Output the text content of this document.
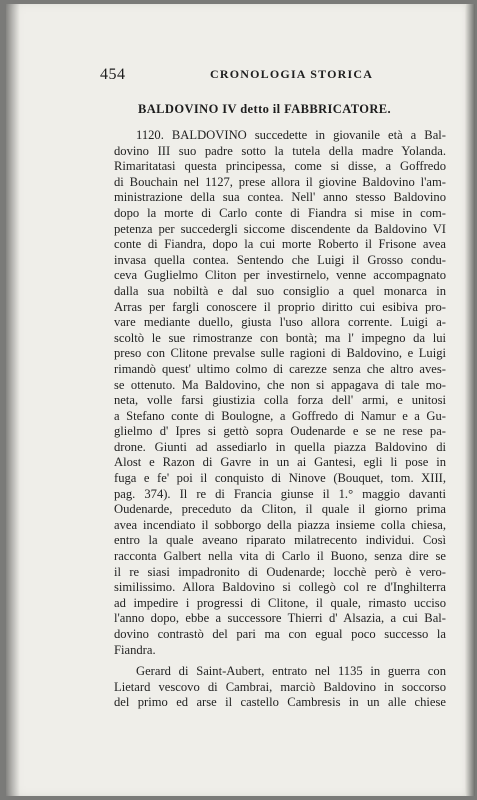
454	CRONOLOGIA STORICA
BALDOVINO IV detto il FABBRICATORE.
1120. BALDOVINO succedette in giovanile età a Bal-
dovino III suo padre sotto la tutela della madre Yolanda.
Rimaritatasi questa principessa, come si disse, a Goffredo
di Bouchain nel 1127, prese allora il giovine Baldovino l'am-
ministrazione della sua contea. Nell' anno stesso Baldovino
dopo la morte di Carlo conte di Fiandra si mise in com-
petenza per succedergli siccome discendente da Baldovino VI
conte di Fiandra, dopo la cui morte Roberto il Frisone avea
invasa quella contea. Sentendo che Luigi il Grosso condu-
ceva Guglielmo Cliton per investirnelo, venne accompagnato
dalla sua nobiltà e dal suo consiglio a quel monarca in
Arras per fargli conoscere il proprio diritto cui esibiva pro-
vare mediante duello, giusta l'uso allora corrente. Luigi a-
scoltò le sue rimostranze con bontà; ma l' impegno da lui
preso con Clitone prevalse sulle ragioni di Baldovino, e Luigi
rimandò quest' ultimo colmo di carezze senza che altro aves-
se ottenuto. Ma Baldovino, che non si appagava di tale mo-
neta, volle farsi giustizia colla forza dell' armi, e unitosi
a Stefano conte di Boulogne, a Goffredo di Namur e a Gu-
glielmo d' Ipres si gettò sopra Oudenarde e se ne rese pa-
drone. Giunti ad assediarlo in quella piazza Baldovino di
Alost e Razon di Gavre in un ai Gantesi, egli li pose in
fuga e fe' poi il conquisto di Ninove (Bouquet, tom. XIII,
pag. 374). Il re di Francia giunse il 1.° maggio davanti
Oudenarde, preceduto da Cliton, il quale il giorno prima
avea incendiato il sobborgo della piazza insieme colla chiesa,
entro la quale aveano riparato milatrecento individui. Così
racconta Galbert nella vita di Carlo il Buono, senza dire se
il re siasi impadronito di Oudenarde; locchè però è vero-
similissimo. Allora Baldovino si collegò col re d'Inghilterra
ad impedire i progressi di Clitone, il quale, rimasto ucciso
l'anno dopo, ebbe a successore Thierri d' Alsazia, a cui Bal-
dovino contrastò del pari ma con egual poco successo la
Fiandra.
Gerard di Saint-Aubert, entrato nel 1135 in guerra con
Lietard vescovo di Cambrai, marciò Baldovino in soccorso
del primo ed arse il castello Cambresis in un alle chiese
